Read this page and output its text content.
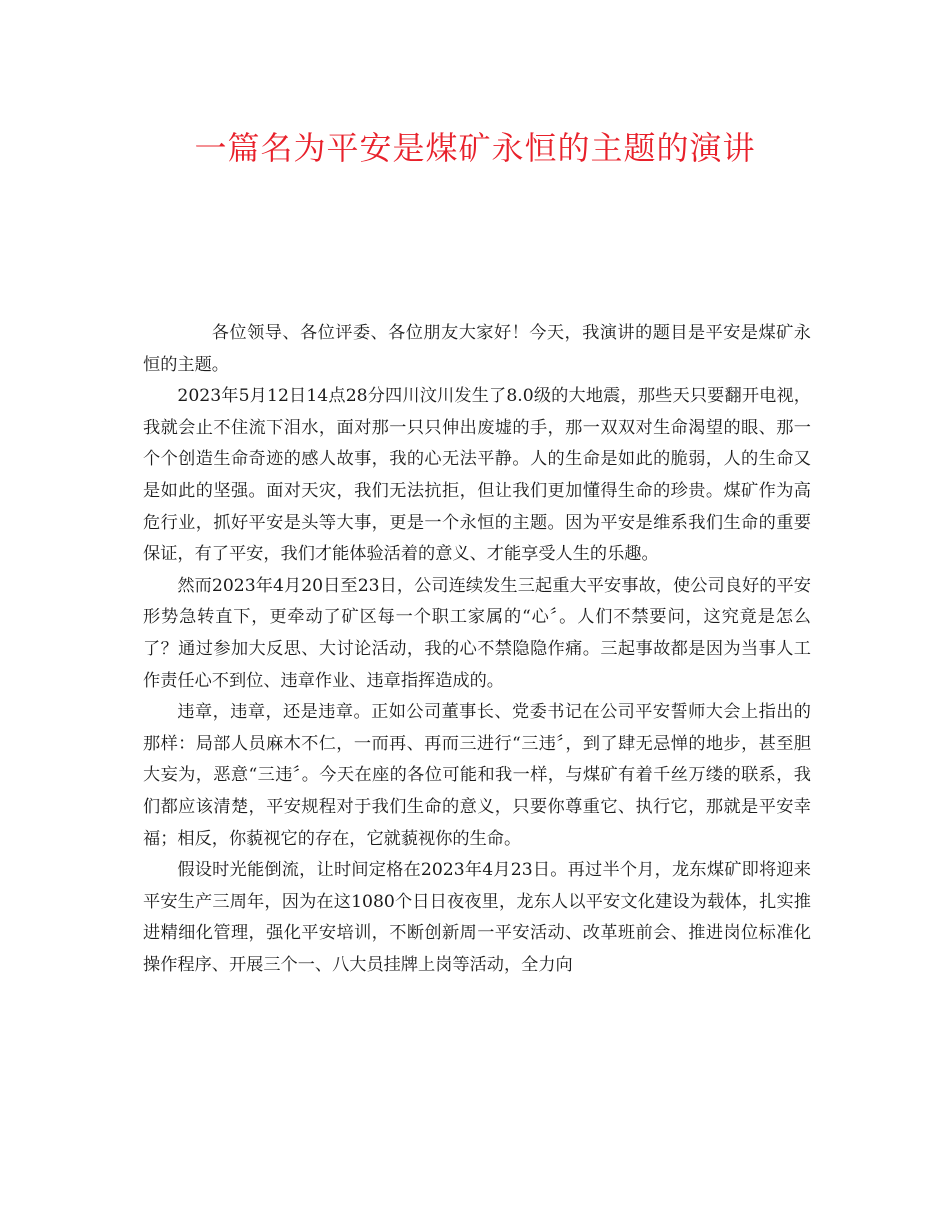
一篇名为平安是煤矿永恒的主题的演讲

各位领导、各位评委、各位朋友大家好！今天，我演讲的题目是平安是煤矿永恒的主题。

2023年5月12日14点28分四川汶川发生了8.0级的大地震，那些天只要翻开电视，我就会止不住流下泪水，面对那一只只伸出废墟的手，那一双双对生命渴望的眼、那一个个创造生命奇迹的感人故事，我的心无法平静。人的生命是如此的脆弱，人的生命又是如此的坚强。面对天灾，我们无法抗拒，但让我们更加懂得生命的珍贵。煤矿作为高危行业，抓好平安是头等大事，更是一个永恒的主题。因为平安是维系我们生命的重要保证，有了平安，我们才能体验活着的意义、才能享受人生的乐趣。

然而2023年4月20日至23日，公司连续发生三起重大平安事故，使公司良好的平安形势急转直下，更牵动了矿区每一个职工家属的“心〞。人们不禁要问，这究竟是怎么了？通过参加大反思、大讨论活动，我的心不禁隐隐作痛。三起事故都是因为当事人工作责任心不到位、违章作业、违章指挥造成的。

违章，违章，还是违章。正如公司董事长、党委书记在公司平安誓师大会上指出的那样：局部人员麻木不仁，一而再、再而三进行“三违〞，到了肆无忌惮的地步，甚至胆大妄为，恶意“三违〞。今天在座的各位可能和我一样，与煤矿有着千丝万缕的联系，我们都应该清楚，平安规程对于我们生命的意义，只要你尊重它、执行它，那就是平安幸福；相反，你藐视它的存在，它就藐视你的生命。

假设时光能倒流，让时间定格在2023年4月23日。再过半个月，龙东煤矿即将迎来平安生产三周年，因为在这1080个日日夜夜里，龙东人以平安文化建设为载体，扎实推进精细化管理，强化平安培训，不断创新周一平安活动、改革班前会、推进岗位标准化操作程序、开展三个一、八大员挂牌上岗等活动，全力向
